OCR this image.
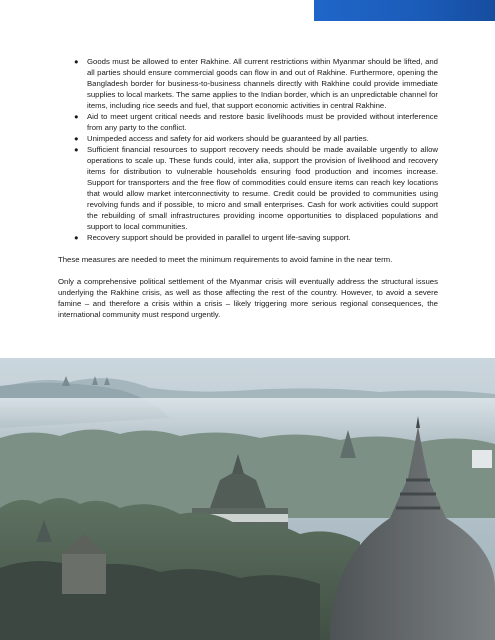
● Goods must be allowed to enter Rakhine. All current restrictions within Myanmar should be lifted, and all parties should ensure commercial goods can flow in and out of Rakhine. Furthermore, opening the Bangladesh border for business-to-business channels directly with Rakhine could provide immediate supplies to local markets. The same applies to the Indian border, which is an unpredictable channel for items, including rice seeds and fuel, that support economic activities in central Rakhine.
● Aid to meet urgent critical needs and restore basic livelihoods must be provided without interference from any party to the conflict.
● Unimpeded access and safety for aid workers should be guaranteed by all parties.
● Sufficient financial resources to support recovery needs should be made available urgently to allow operations to scale up. These funds could, inter alia, support the provision of livelihood and recovery items for distribution to vulnerable households ensuring food production and incomes increase. Support for transporters and the free flow of commodities could ensure items can reach key locations that would allow market interconnectivity to resume. Credit could be provided to communities using revolving funds and if possible, to micro and small enterprises. Cash for work activities could support the rebuilding of small infrastructures providing income opportunities to displaced populations and support to local communities.
● Recovery support should be provided in parallel to urgent life-saving support.

These measures are needed to meet the minimum requirements to avoid famine in the near term.

Only a comprehensive political settlement of the Myanmar crisis will eventually address the structural issues underlying the Rakhine crisis, as well as those affecting the rest of the country. However, to avoid a severe famine – and therefore a crisis within a crisis – likely triggering more serious regional consequences, the international community must respond urgently.
